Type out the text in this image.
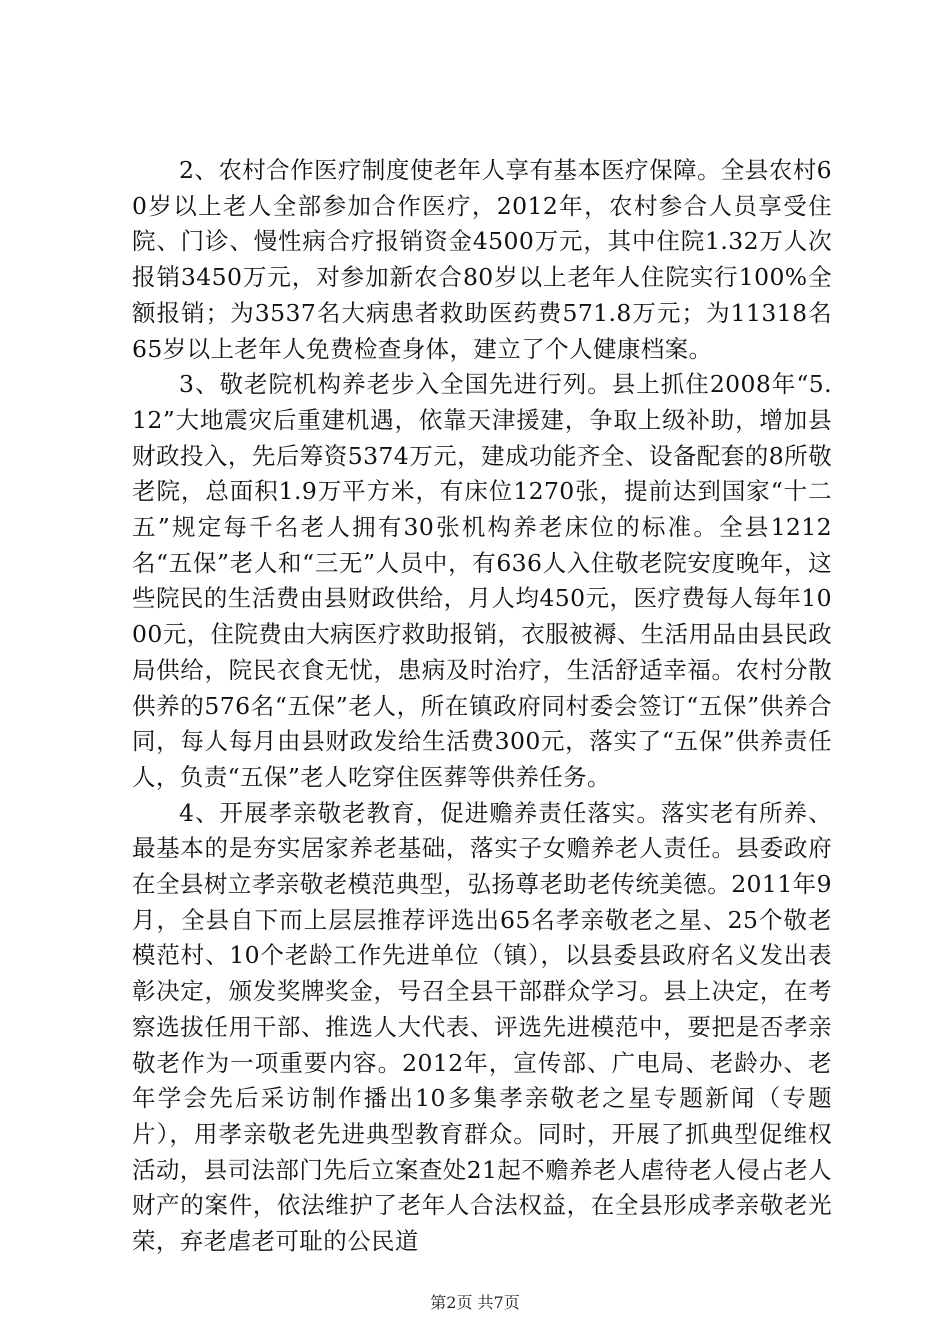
2、农村合作医疗制度使老年人享有基本医疗保障。全县农村60岁以上老人全部参加合作医疗，2012年，农村参合人员享受住院、门诊、慢性病合疗报销资金4500万元，其中住院1.32万人次报销3450万元，对参加新农合80岁以上老年人住院实行100%全额报销；为3537名大病患者救助医药费571.8万元；为11318名65岁以上老年人免费检查身体，建立了个人健康档案。

3、敬老院机构养老步入全国先进行列。县上抓住2008年“5.12”大地震灾后重建机遇，依靠天津援建，争取上级补助，增加县财政投入，先后筹资5374万元，建成功能齐全、设备配套的8所敬老院，总面积1.9万平方米，有床位1270张，提前达到国家“十二五”规定每千名老人拥有30张机构养老床位的标准。全县1212名“五保”老人和“三无”人员中，有636人入住敬老院安度晚年，这些院民的生活费由县财政供给，月人均450元，医疗费每人每年1000元，住院费由大病医疗救助报销，衣服被褥、生活用品由县民政局供给，院民衣食无忧，患病及时治疗，生活舒适幸福。农村分散供养的576名“五保”老人，所在镇政府同村委会签订“五保”供养合同，每人每月由县财政发给生活费300元，落实了“五保”供养责任人，负责“五保”老人吃穿住医葬等供养任务。

4、开展孝亲敬老教育，促进赡养责任落实。落实老有所养、最基本的是夯实居家养老基础，落实子女赡养老人责任。县委政府在全县树立孝亲敬老模范典型，弘扬尊老助老传统美德。2011年9月，全县自下而上层层推荐评选出65名孝亲敬老之星、25个敬老模范村、10个老龄工作先进单位（镇），以县委县政府名义发出表彰决定，颁发奖牌奖金，号召全县干部群众学习。县上决定，在考察选拔任用干部、推选人大代表、评选先进模范中，要把是否孝亲敬老作为一项重要内容。2012年，宣传部、广电局、老龄办、老年学会先后采访制作播出10多集孝亲敬老之星专题新闻（专题片），用孝亲敬老先进典型教育群众。同时，开展了抓典型促维权活动，县司法部门先后立案查处21起不赡养老人虐待老人侵占老人财产的案件，依法维护了老年人合法权益，在全县形成孝亲敬老光荣，弃老虐老可耻的公民道

第2页 共7页
